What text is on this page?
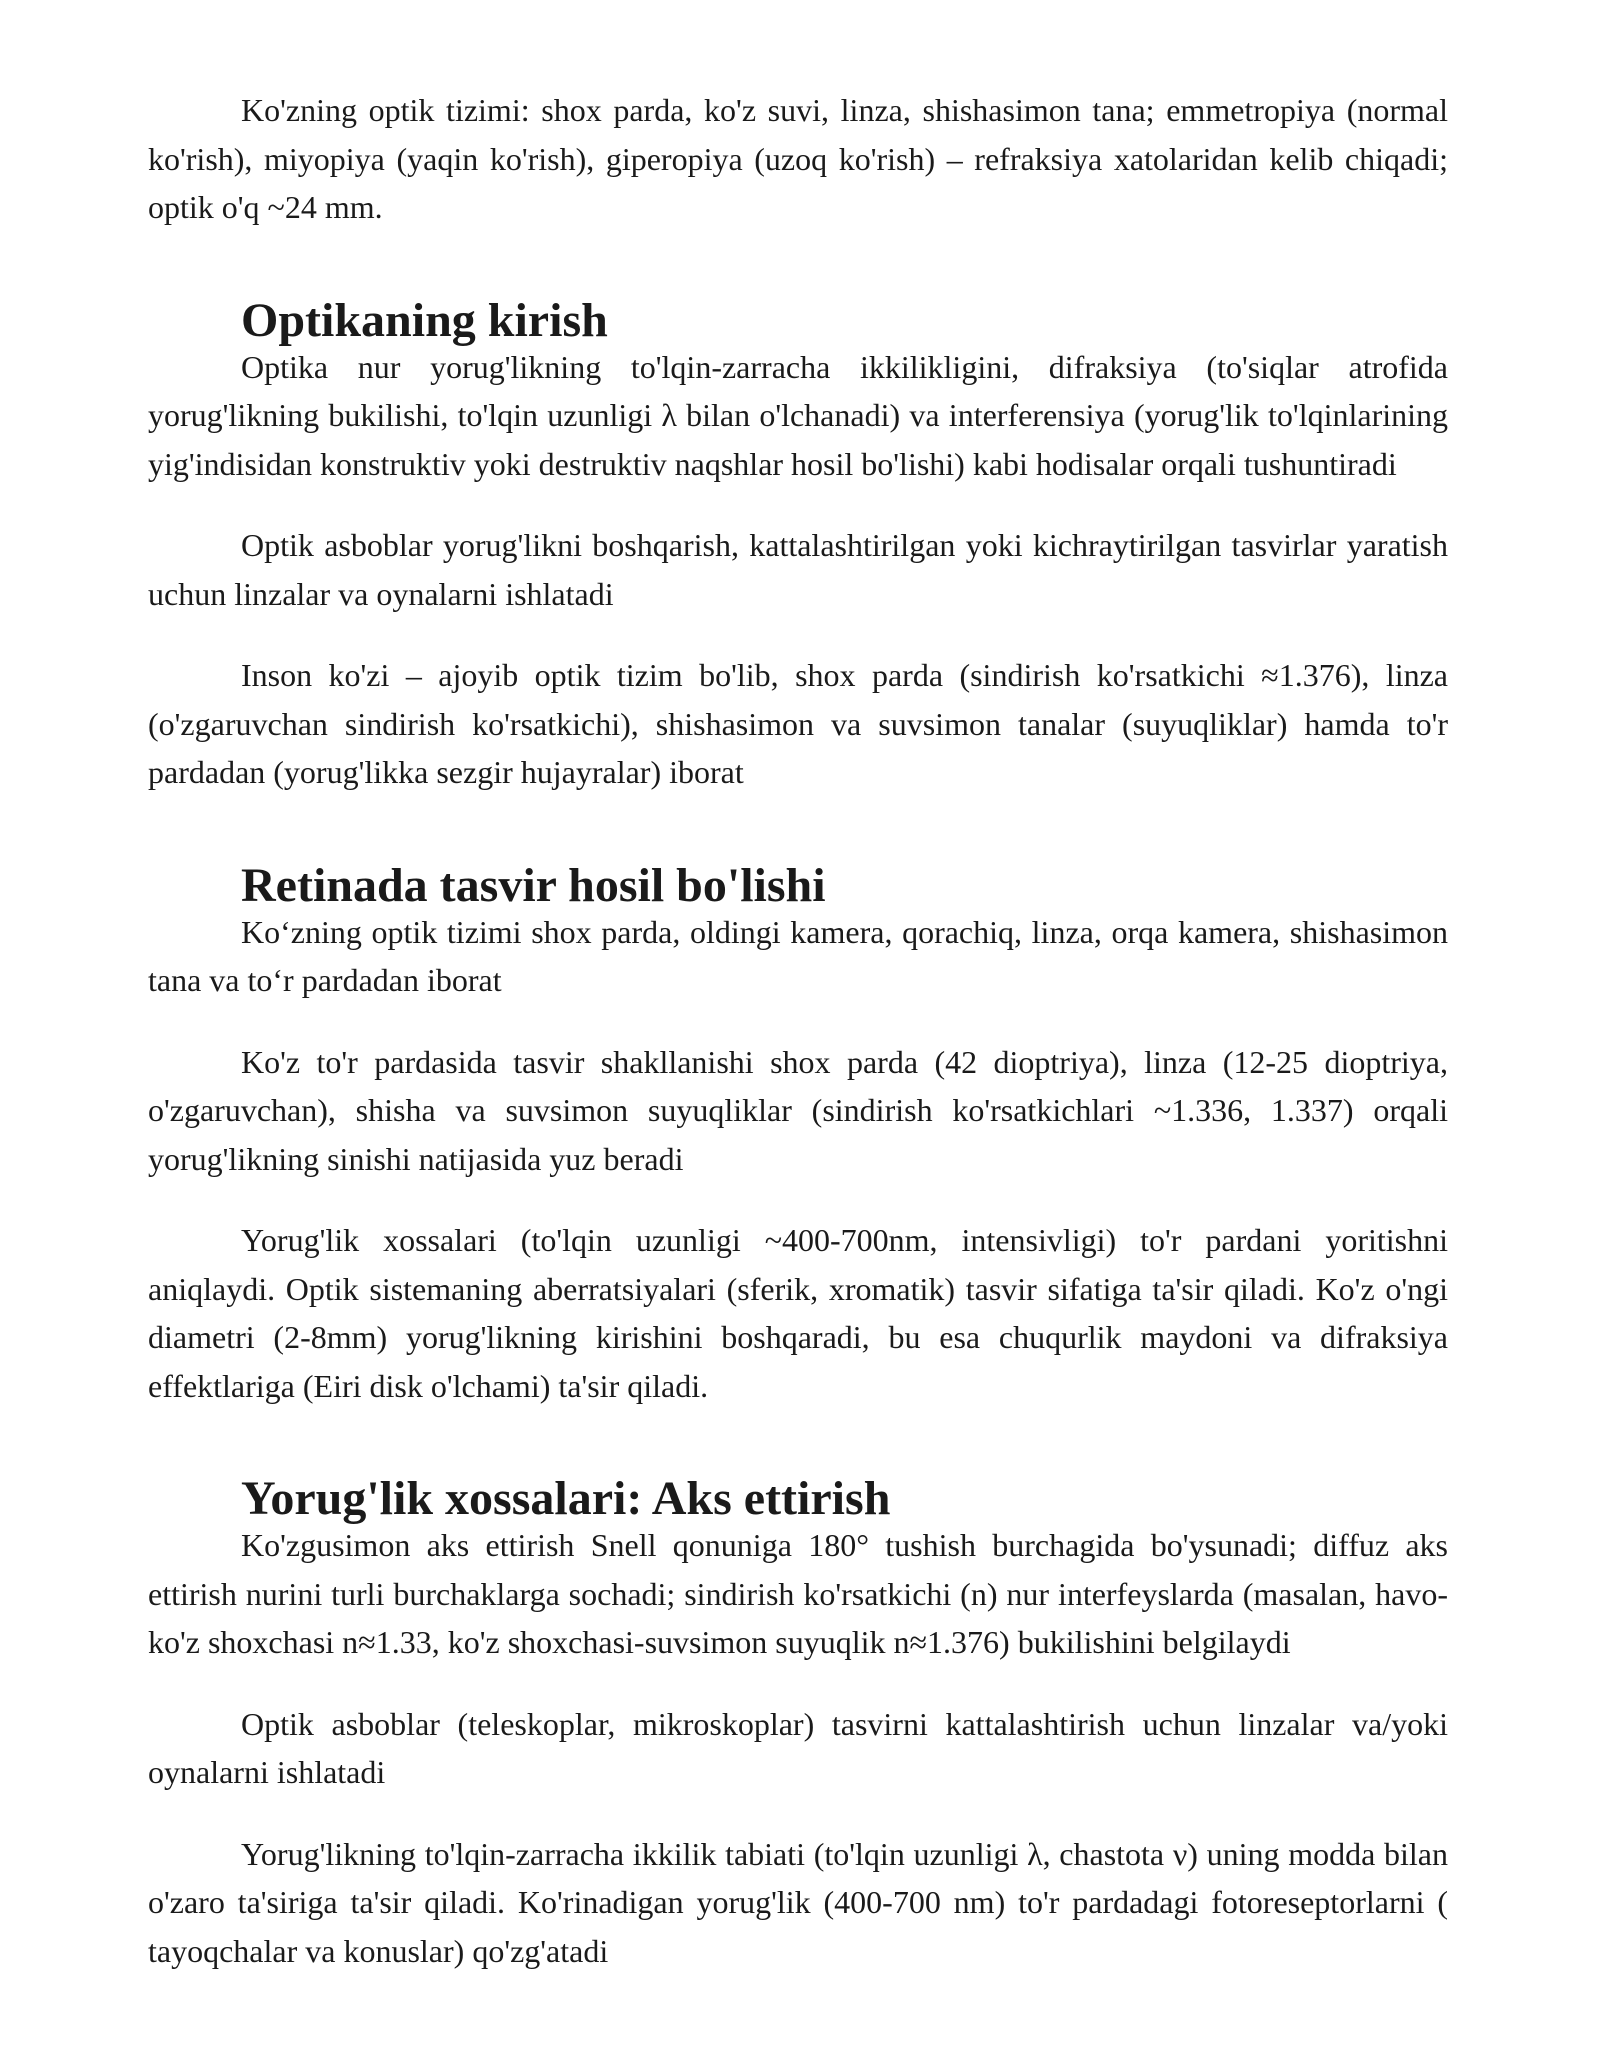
Ko'zning optik tizimi: shox parda, ko'z suvi, linza, shishasimon tana; emmetropiya (normal ko'rish), miyopiya (yaqin ko'rish), giperopiya (uzoq ko'rish) – refraksiya xatolaridan kelib chiqadi; optik o'q ~24 mm.

Optikaning kirish

Optika nur yorug'likning to'lqin-zarracha ikkilikligini, difraksiya (to'siqlar atrofida yorug'likning bukilishi, to'lqin uzunligi λ bilan o'lchanadi) va interferensiya (yorug'lik to'lqinlarining yig'indisidan konstruktiv yoki destruktiv naqshlar hosil bo'lishi) kabi hodisalar orqali tushuntiradi

Optik asboblar yorug'likni boshqarish, kattalashtirilgan yoki kichraytirilgan tasvirlar yaratish uchun linzalar va oynalarni ishlatadi

Inson ko'zi – ajoyib optik tizim bo'lib, shox parda (sindirish ko'rsatkichi ≈1.376), linza (o'zgaruvchan sindirish ko'rsatkichi), shishasimon va suvsimon tanalar (suyuqliklar) hamda to'r pardadan (yorug'likka sezgir hujayralar) iborat

Retinada tasvir hosil bo'lishi

Ko‘zning optik tizimi shox parda, oldingi kamera, qorachiq, linza, orqa kamera, shishasimon tana va to‘r pardadan iborat

Ko'z to'r pardasida tasvir shakllanishi shox parda (42 dioptriya), linza (12-25 dioptriya, o'zgaruvchan), shisha va suvsimon suyuqliklar (sindirish ko'rsatkichlari ~1.336, 1.337) orqali yorug'likning sinishi natijasida yuz beradi

Yorug'lik xossalari (to'lqin uzunligi ~400-700nm, intensivligi) to'r pardani yoritishni aniqlaydi. Optik sistemaning aberratsiyalari (sferik, xromatik) tasvir sifatiga ta'sir qiladi. Ko'z o'ngi diametri (2-8mm) yorug'likning kirishini boshqaradi, bu esa chuqurlik maydoni va difraksiya effektlariga (Eiri disk o'lchami) ta'sir qiladi.

Yorug'lik xossalari: Aks ettirish

Ko'zgusimon aks ettirish Snell qonuniga 180° tushish burchagida bo'ysunadi; diffuz aks ettirish nurini turli burchaklarga sochadi; sindirish ko'rsatkichi (n) nur interfeyslarda (masalan, havo-ko'z shoxchasi n≈1.33, ko'z shoxchasi-suvsimon suyuqlik n≈1.376) bukilishini belgilaydi

Optik asboblar (teleskoplar, mikroskoplar) tasvirni kattalashtirish uchun linzalar va/yoki oynalarni ishlatadi

Yorug'likning to'lqin-zarracha ikkilik tabiati (to'lqin uzunligi λ, chastota ν) uning modda bilan o'zaro ta'siriga ta'sir qiladi. Ko'rinadigan yorug'lik (400-700 nm) to'r pardadagi fotoreseptorlarni ( tayoqchalar va konuslar) qo'zg'atadi
